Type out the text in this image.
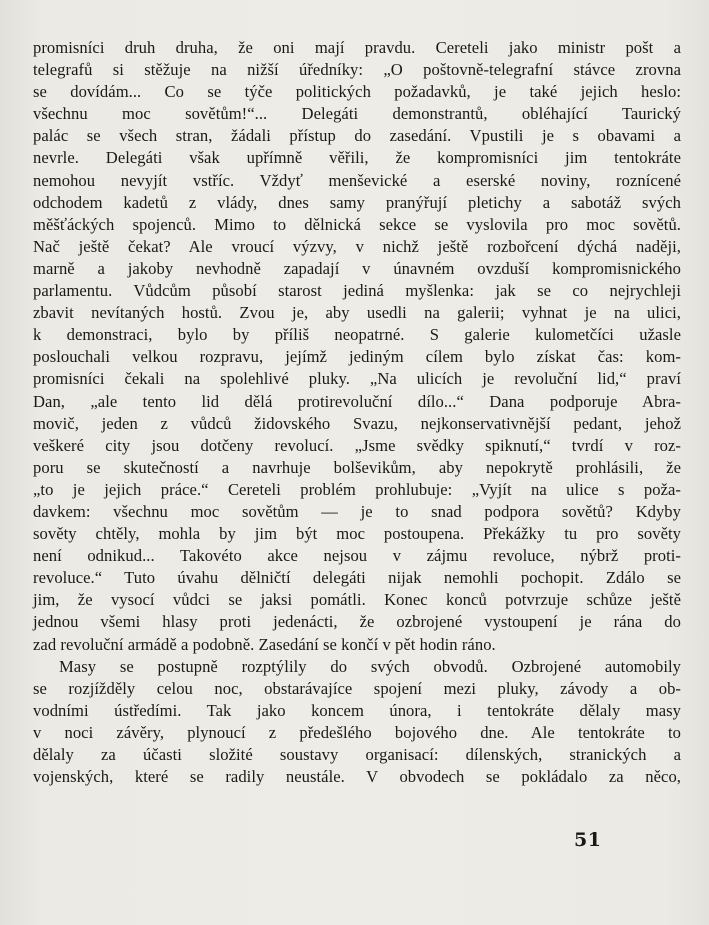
promisníci druh druha, že oni mají pravdu. Cereteli jako ministr pošt a
telegrafů si stěžuje na nižší úředníky: „O poštovně-telegrafní stávce zrovna
se dovídám... Co se týče politických požadavků, je také jejich heslo:
všechnu moc sovětům!“... Delegáti demonstrantů, obléhající Taurický
palác se všech stran, žádali přístup do zasedání. Vpustili je s obavami a
nevrle. Delegáti však upřímně věřili, že kompromisníci jim tentokráte
nemohou nevyjít vstříc. Vždyť menševické a eserské noviny, roznícené
odchodem kadetů z vlády, dnes samy pranýřují pletichy a sabotáž svých
měšťáckých spojenců. Mimo to dělnická sekce se vyslovila pro moc sovětů.
Nač ještě čekat? Ale vroucí výzvy, v nichž ještě rozbořcení dýchá naději,
marně a jakoby nevhodně zapadají v únavném ovzduší kompromisnického
parlamentu. Vůdcům působí starost jediná myšlenka: jak se co nejrychleji
zbavit nevítaných hostů. Zvou je, aby usedli na galerii; vyhnat je na ulici,
k demonstraci, bylo by příliš neopatrné. S galerie kulometčíci užasle
poslouchali velkou rozpravu, jejímž jediným cílem bylo získat čas: kom-
promisníci čekali na spolehlivé pluky. „Na ulicích je revoluční lid,“ praví
Dan, „ale tento lid dělá protirevoluční dílo...“ Dana podporuje Abra-
movič, jeden z vůdců židovského Svazu, nejkonservativnější pedant, jehož
veškeré city jsou dotčeny revolucí. „Jsme svědky spiknutí,“ tvrdí v roz-
poru se skutečností a navrhuje bolševikům, aby nepokrytě prohlásili, že
„to je jejich práce.“ Cereteli problém prohlubuje: „Vyjít na ulice s poža-
davkem: všechnu moc sovětům — je to snad podpora sovětů? Kdyby
sověty chtěly, mohla by jim být moc postoupena. Překážky tu pro sověty
není odnikud... Takovéto akce nejsou v zájmu revoluce, nýbrž proti-
revoluce.“ Tuto úvahu dělničtí delegáti nijak nemohli pochopit. Zdálo se
jim, že vysocí vůdci se jaksi pomátli. Konec konců potvrzuje schůze ještě
jednou všemi hlasy proti jedenácti, že ozbrojené vystoupení je rána do
zad revoluční armádě a podobně. Zasedání se končí v pět hodin ráno.
Masy se postupně rozptýlily do svých obvodů. Ozbrojené automobily
se rozjížděly celou noc, obstarávajíce spojení mezi pluky, závody a ob-
vodními ústředími. Tak jako koncem února, i tentokráte dělaly masy
v noci závěry, plynoucí z předešlého bojového dne. Ale tentokráte to
dělaly za účasti složité soustavy organisací: dílenských, stranických a
vojenských, které se radily neustále. V obvodech se pokládalo za něco,
51
